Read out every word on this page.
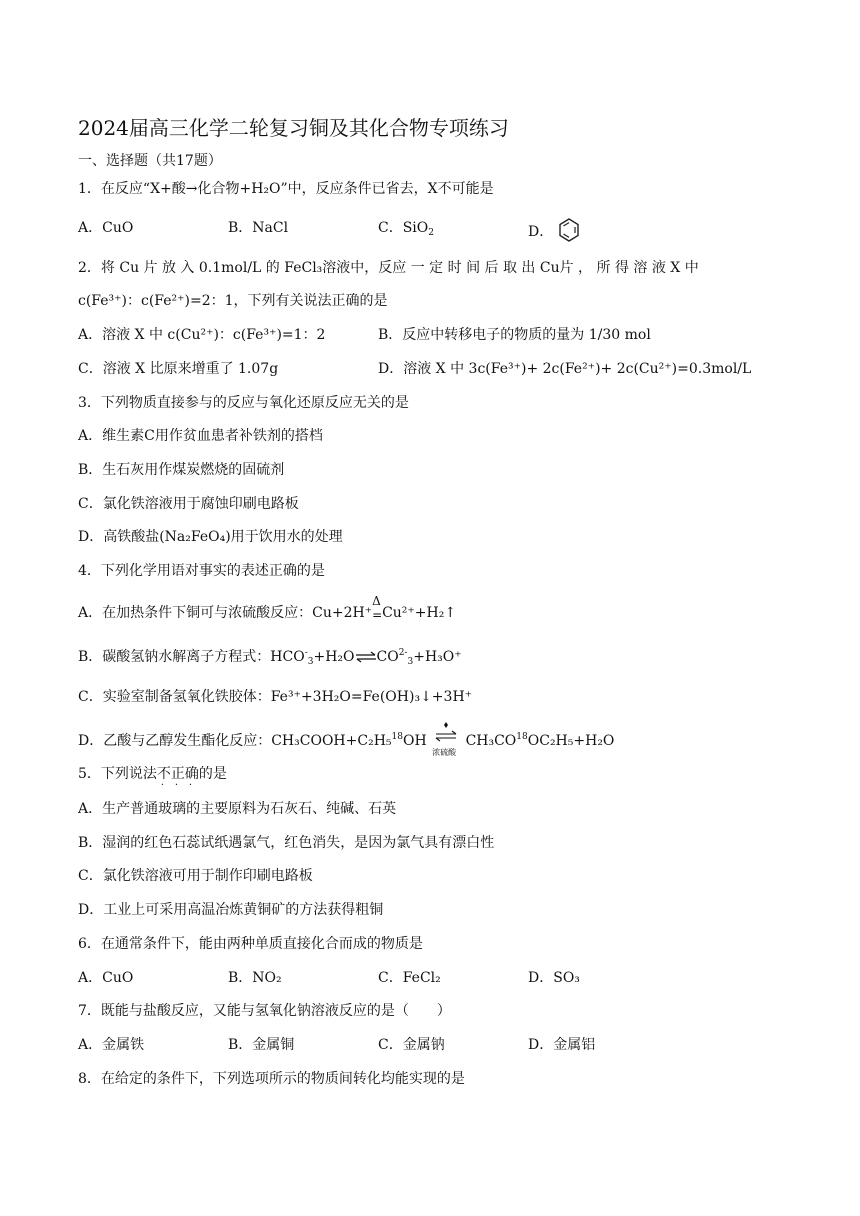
2024届高三化学二轮复习铜及其化合物专项练习
一、选择题（共17题）
1．在反应“X+酸→化合物+H₂O”中，反应条件已省去，X不可能是
A．CuO	B．NaCl	C．SiO$_2$	D．
2．将 Cu 片 放 入 0.1mol/L 的 FeCl₃溶液中，反应 一 定 时 间 后 取 出 Cu片 ， 所 得 溶 液 X 中
c(Fe³⁺)：c(Fe²⁺)=2：1，下列有关说法正确的是
A．溶液 X 中 c(Cu²⁺)：c(Fe³⁺)=1：2	B．反应中转移电子的物质的量为 1/30 mol
C．溶液 X 比原来增重了 1.07g	D．溶液 X 中 3c(Fe³⁺)+ 2c(Fe²⁺)+ 2c(Cu²⁺)=0.3mol/L
3．下列物质直接参与的反应与氧化还原反应无关的是
A．维生素C用作贫血患者补铁剂的搭档
B．生石灰用作煤炭燃烧的固硫剂
C．氯化铁溶液用于腐蚀印刷电路板
D．高铁酸盐(Na₂FeO₄)用于饮用水的处理
4．下列化学用语对事实的表述正确的是
A．在加热条件下铜可与浓硫酸反应：Cu+2H⁺
Δ
= Cu²⁺+H₂↑
B．碳酸氢钠水解离子方程式：$HCO^-_3+H_2O\rightleftharpoons CO^{2-}_3+H_3O^+$
C．实验室制备氢氧化铁胶体：Fe³⁺+3H₂O=Fe(OH)₃↓+3H⁺
D．乙酸与乙醇发生酯化反应：CH₃COOH+C₂H₅$^{18}$OH
浓硫酸
$CH_3CO^{18}OC_2H_5+H_2O$
5．下列说法不正确
· · ·
的是
A．生产普通玻璃的主要原料为石灰石、纯碱、石英
B．湿润的红色石蕊试纸遇氯气，红色消失，是因为氯气具有漂白性
C．氯化铁溶液可用于制作印刷电路板
D．工业上可采用高温冶炼黄铜矿的方法获得粗铜
6．在通常条件下，能由两种单质直接化合而成的物质是
A．CuO	B．NO₂	C．FeCl₂	D．SO₃
7．既能与盐酸反应，又能与氢氧化钠溶液反应的是（　　）
A．金属铁	B．金属铜	C．金属钠	D．金属铝
8．在给定的条件下，下列选项所示的物质间转化均能实现的是
